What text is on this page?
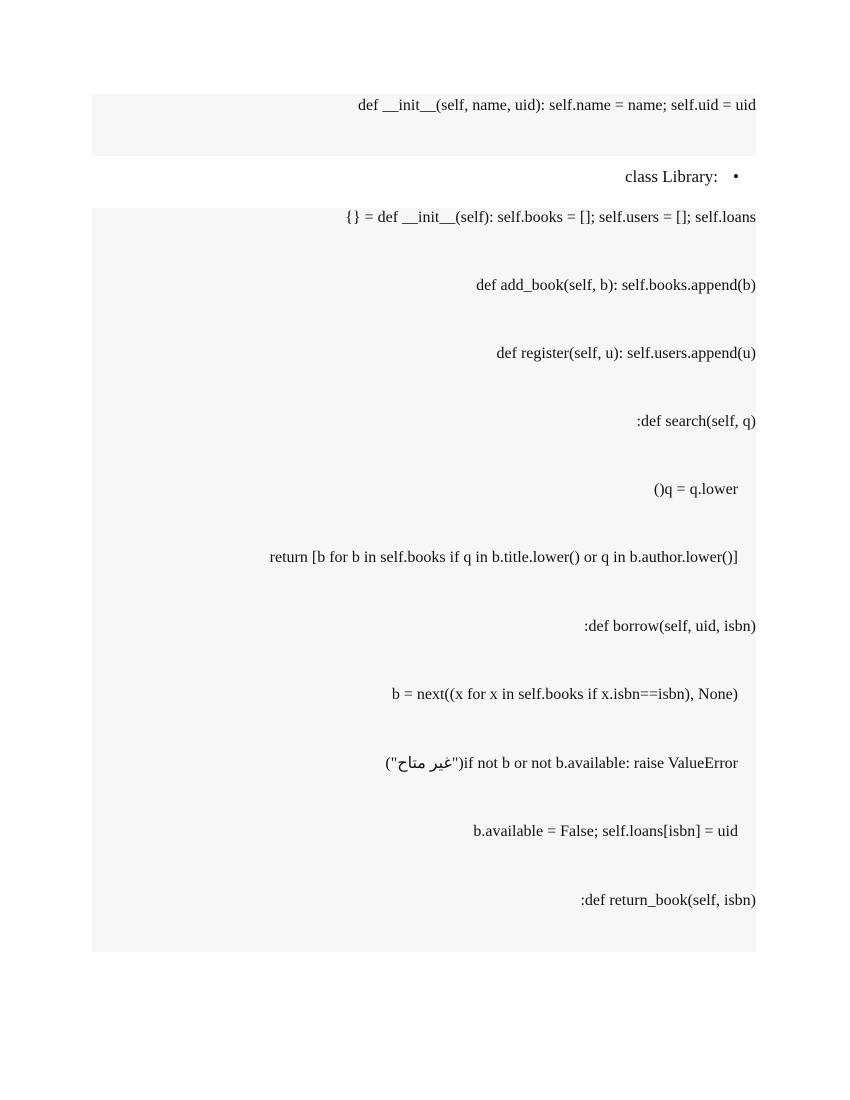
def __init__(self, name, uid): self.name = name; self.uid = uid
•
:class Library
{} = def __init__(self): self.books = []; self.users = []; self.loans
def add_book(self, b): self.books.append(b)
def register(self, u): self.users.append(u)
:def search(self, q)
()q = q.lower
return [b for b in self.books if q in b.title.lower() or q in b.author.lower()]
:def borrow(self, uid, isbn)
b = next((x for x in self.books if x.isbn==isbn), None)
("غير متاح")if not b or not b.available: raise ValueError
b.available = False; self.loans[isbn] = uid
:def return_book(self, isbn)
